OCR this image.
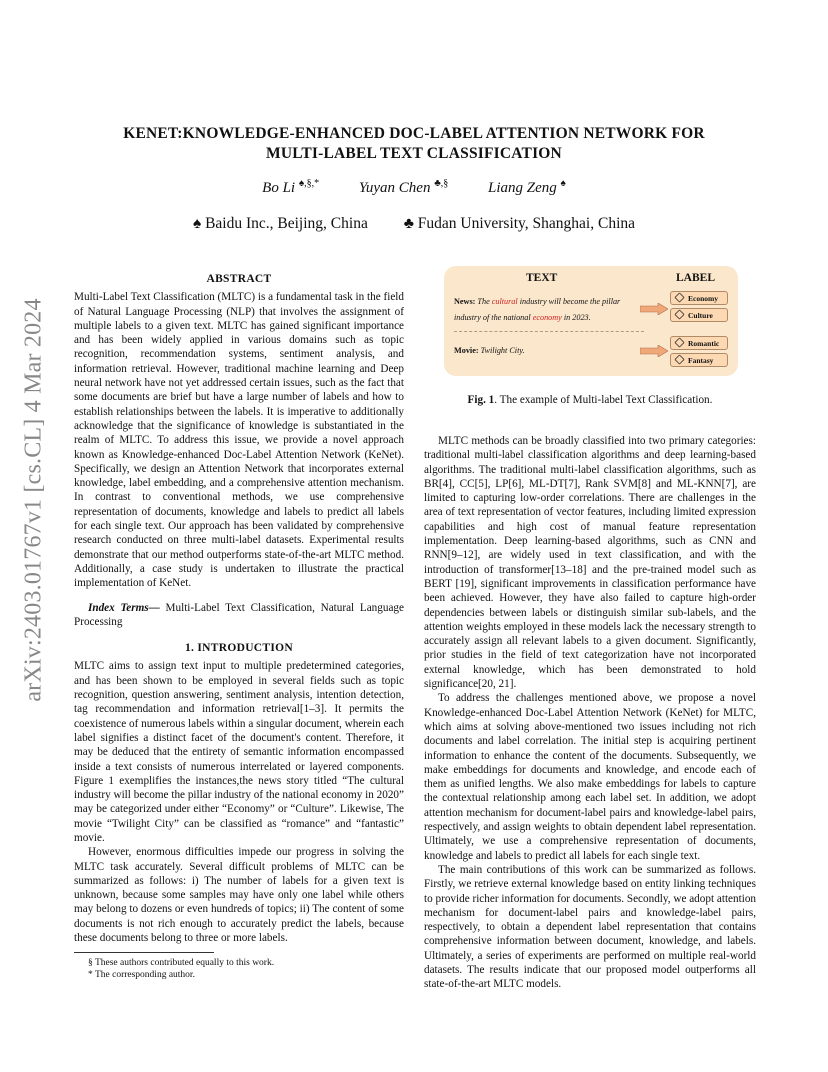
arXiv:2403.01767v1 [cs.CL] 4 Mar 2024
KENET:KNOWLEDGE-ENHANCED DOC-LABEL ATTENTION NETWORK FOR
MULTI-LABEL TEXT CLASSIFICATION
Bo Li ♠,§,*	Yuyan Chen ♣,§	Liang Zeng ♠
♠ Baidu Inc., Beijing, China ♣ Fudan University, Shanghai, China
ABSTRACT

Multi-Label Text Classification (MLTC) is a fundamental task in the field of Natural Language Processing (NLP) that involves the assignment of multiple labels to a given text. MLTC has gained significant importance and has been widely applied in various domains such as topic recognition, recommendation systems, sentiment analysis, and information retrieval. However, traditional machine learning and Deep neural network have not yet addressed certain issues, such as the fact that some documents are brief but have a large number of labels and how to establish relationships between the labels. It is imperative to additionally acknowledge that the significance of knowledge is substantiated in the realm of MLTC. To address this issue, we provide a novel approach known as Knowledge-enhanced Doc-Label Attention Network (KeNet). Specifically, we design an Attention Network that incorporates external knowledge, label embedding, and a comprehensive attention mechanism. In contrast to conventional methods, we use comprehensive representation of documents, knowledge and labels to predict all labels for each single text. Our approach has been validated by comprehensive research conducted on three multi-label datasets. Experimental results demonstrate that our method outperforms state-of-the-art MLTC method. Additionally, a case study is undertaken to illustrate the practical implementation of KeNet.

Index Terms— Multi-Label Text Classification, Natural Language Processing

1. INTRODUCTION

MLTC aims to assign text input to multiple predetermined categories, and has been shown to be employed in several fields such as topic recognition, question answering, sentiment analysis, intention detection, tag recommendation and information retrieval[1–3]. It permits the coexistence of numerous labels within a singular document, wherein each label signifies a distinct facet of the document's content. Therefore, it may be deduced that the entirety of semantic information encompassed inside a text consists of numerous interrelated or layered components. Figure 1 exemplifies the instances,the news story titled “The cultural industry will become the pillar industry of the national economy in 2020” may be categorized under either “Economy” or “Culture”. Likewise, The movie “Twilight City” can be classified as “romance” and “fantastic” movie.

However, enormous difficulties impede our progress in solving the MLTC task accurately. Several difficult problems of MLTC can be summarized as follows: i) The number of labels for a given text is unknown, because some samples may have only one label while others may belong to dozens or even hundreds of topics; ii) The content of some documents is not rich enough to accurately predict the labels, because these documents belong to three or more labels.

§ These authors contributed equally to this work.
* The corresponding author.
TEXT	LABEL
News: The cultural industry will become the pillar industry of the national economy in 2023.
Movie: Twilight City.
Economy
Culture
Romantic
Fantasy
Fig. 1. The example of Multi-label Text Classification.

MLTC methods can be broadly classified into two primary categories: traditional multi-label classification algorithms and deep learning-based algorithms. The traditional multi-label classification algorithms, such as BR[4], CC[5], LP[6], ML-DT[7], Rank SVM[8] and ML-KNN[7], are limited to capturing low-order correlations. There are challenges in the area of text representation of vector features, including limited expression capabilities and high cost of manual feature representation implementation. Deep learning-based algorithms, such as CNN and RNN[9–12], are widely used in text classification, and with the introduction of transformer[13–18] and the pre-trained model such as BERT [19], significant improvements in classification performance have been achieved. However, they have also failed to capture high-order dependencies between labels or distinguish similar sub-labels, and the attention weights employed in these models lack the necessary strength to accurately assign all relevant labels to a given document. Significantly, prior studies in the field of text categorization have not incorporated external knowledge, which has been demonstrated to hold significance[20, 21].

To address the challenges mentioned above, we propose a novel Knowledge-enhanced Doc-Label Attention Network (KeNet) for MLTC, which aims at solving above-mentioned two issues including not rich documents and label correlation. The initial step is acquiring pertinent information to enhance the content of the documents. Subsequently, we make embeddings for documents and knowledge, and encode each of them as unified lengths. We also make embeddings for labels to capture the contextual relationship among each label set. In addition, we adopt attention mechanism for document-label pairs and knowledge-label pairs, respectively, and assign weights to obtain dependent label representation. Ultimately, we use a comprehensive representation of documents, knowledge and labels to predict all labels for each single text.

The main contributions of this work can be summarized as follows. Firstly, we retrieve external knowledge based on entity linking techniques to provide richer information for documents. Secondly, we adopt attention mechanism for document-label pairs and knowledge-label pairs, respectively, to obtain a dependent label representation that contains comprehensive information between document, knowledge, and labels. Ultimately, a series of experiments are performed on multiple real-world datasets. The results indicate that our proposed model outperforms all state-of-the-art MLTC models.
